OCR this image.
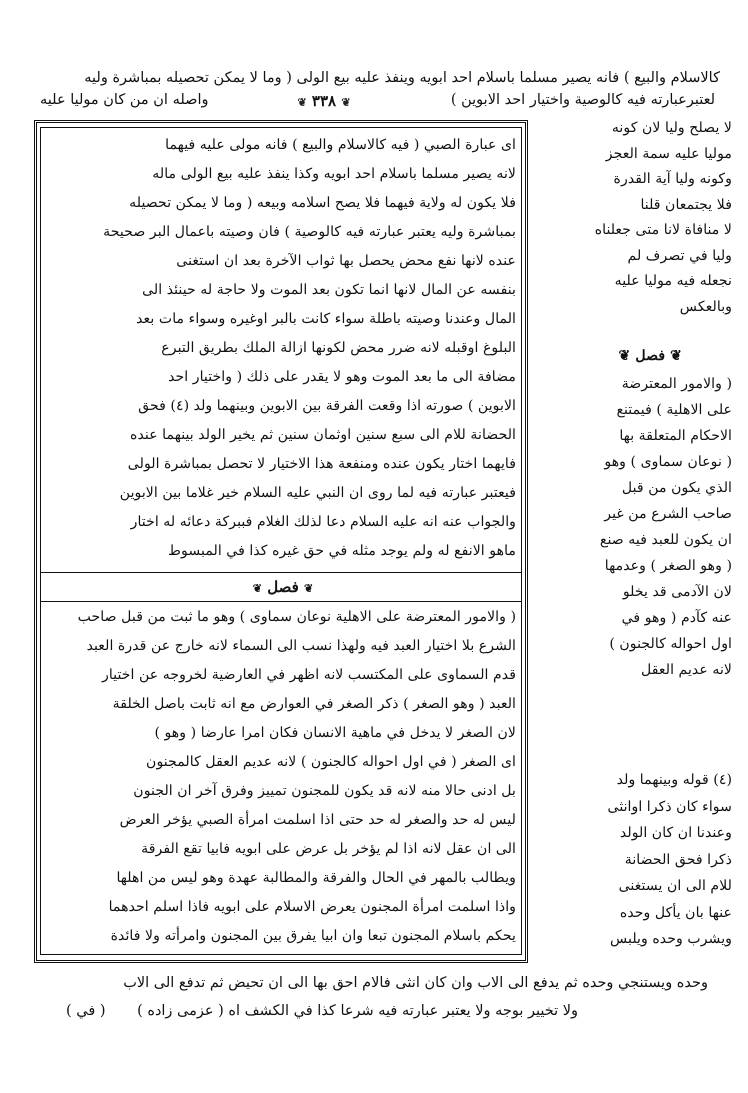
كالاسلام والبيع ) فانه يصير مسلما باسلام احد ابويه وينفذ عليه بيع الولى ( وما لا يمكن تحصيله بمباشرة وليه
لعتبرعبارته فيه كالوصية واختيار احد الابوين )
❦ ٣٣٨ ❦
واصله ان من كان موليا عليه
❦ فصل ❦
وحده ويستنجي وحده ثم يدفع الى الاب وان كان انثى فالام احق بها الى ان تحيض ثم تدفع الى الاب
ولا تخيير بوجه ولا يعتبر عبارته فيه شرعا كذا في الكشف اه ( عزمى زاده )
( في )
اى عبارة الصبي ( فيه كالاسلام والبيع ) فانه مولى عليه فيهما
لانه يصير مسلما باسلام احد ابويه وكذا ينفذ عليه بيع الولى ماله
فلا يكون له ولاية فيهما فلا يصح اسلامه وبيعه ( وما لا يمكن تحصيله
بمباشرة وليه يعتبر عبارته فيه كالوصية ) فان وصيته باعمال البر صحيحة
عنده لانها نفع محض يحصل بها ثواب الآخرة بعد ان استغنى
بنفسه عن المال لانها انما تكون بعد الموت ولا حاجة له حينئذ الى
المال وعندنا وصيته باطلة سواء كانت بالبر اوغيره وسواء مات بعد
البلوغ اوقبله لانه ضرر محض لكونها ازالة الملك بطريق التبرع
مضافة الى ما بعد الموت وهو لا يقدر على ذلك ( واختيار احد
الابوين ) صورته اذا وقعت الفرقة بين الابوين وبينهما ولد (٤) فحق
الحضانة للام الى سبع سنين اوثمان سنين ثم يخير الولد بينهما عنده
فايهما اختار يكون عنده ومنفعة هذا الاختيار لا تحصل بمباشرة الولى
فيعتبر عبارته فيه لما روى ان النبي عليه السلام خير غلاما بين الابوين
والجواب عنه انه عليه السلام دعا لذلك الغلام فببركة دعائه له اختار
ماهو الانفع له ولم يوجد مثله في حق غيره كذا في المبسوط
( والامور المعترضة على الاهلية نوعان سماوى ) وهو ما ثبت من قبل صاحب
الشرع بلا اختيار العبد فيه ولهذا نسب الى السماء لانه خارج عن قدرة العبد
قدم السماوى على المكتسب لانه اظهر في العارضية لخروجه عن اختيار
العبد ( وهو الصغر ) ذكر الصغر في العوارض مع انه ثابت باصل الخلقة
لان الصغر لا يدخل في ماهية الانسان فكان امرا عارضا ( وهو )
اى الصغر ( في اول احواله كالجنون ) لانه عديم العقل كالمجنون
بل ادنى حالا منه لانه قد يكون للمجنون تمييز وفرق آخر ان الجنون
ليس له حد والصغر له حد حتى اذا اسلمت امرأة الصبي يؤخر العرض
الى ان عقل لانه اذا لم يؤخر بل عرض على ابويه فابيا تقع الفرقة
ويطالب بالمهر في الحال والفرقة والمطالبة عهدة وهو ليس من اهلها
واذا اسلمت امرأة المجنون يعرض الاسلام على ابويه فاذا اسلم احدهما
يحكم باسلام المجنون تبعا وان ابيا يفرق بين المجنون وامرأته ولا فائدة
لا يصلح وليا لان كونه
موليا عليه سمة العجز
وكونه وليا آية القدرة
فلا يجتمعان قلنا
لا منافاة لانا متى جعلناه
وليا في تصرف لم
نجعله فيه موليا عليه
وبالعكس
❦ فصل ❦
( والامور المعترضة
على الاهلية ) فيمتنع
الاحكام المتعلقة بها
( نوعان سماوى ) وهو
الذي يكون من قبل
صاحب الشرع من غير
ان يكون للعبد فيه صنع
( وهو الصغر ) وعدمها
لان الآدمى قد يخلو
عنه كآدم ( وهو في
اول احواله كالجنون )
لانه عديم العقل
(٤) قوله وبينهما ولد
سواء كان ذكرا اوانثى
وعندنا ان كان الولد
ذكرا فحق الحضانة
للام الى ان يستغنى
عنها بان يأكل وحده
ويشرب وحده ويلبس
